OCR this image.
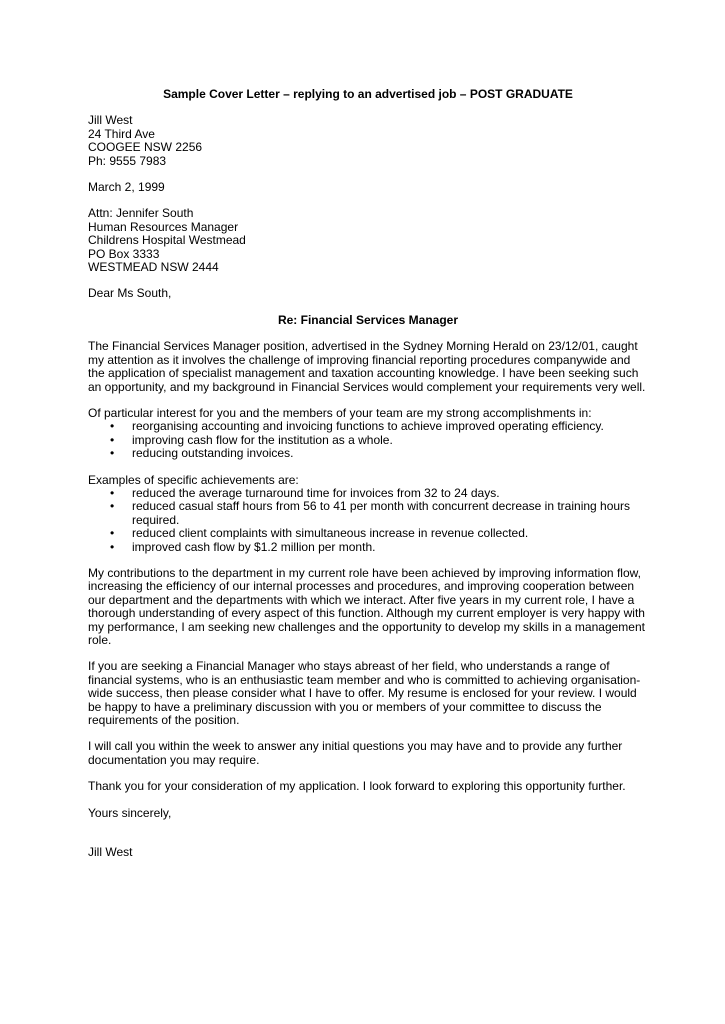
Sample Cover Letter – replying to an advertised job – POST GRADUATE
Jill West
24 Third Ave
COOGEE NSW 2256
Ph: 9555 7983
March 2, 1999
Attn: Jennifer South
Human Resources Manager
Childrens Hospital Westmead
PO Box 3333
WESTMEAD NSW 2444
Dear Ms South,
Re: Financial Services Manager

The Financial Services Manager position, advertised in the Sydney Morning Herald on 23/12/01, caught my attention as it involves the challenge of improving financial reporting procedures companywide and the application of specialist management and taxation accounting knowledge. I have been seeking such an opportunity, and my background in Financial Services would complement your requirements very well.

Of particular interest for you and the members of your team are my strong accomplishments in:
• reorganising accounting and invoicing functions to achieve improved operating efficiency.
• improving cash flow for the institution as a whole.
• reducing outstanding invoices.
Examples of specific achievements are:
• reduced the average turnaround time for invoices from 32 to 24 days.
• reduced casual staff hours from 56 to 41 per month with concurrent decrease in training hours required.
• reduced client complaints with simultaneous increase in revenue collected.
• improved cash flow by $1.2 million per month.

My contributions to the department in my current role have been achieved by improving information flow, increasing the efficiency of our internal processes and procedures, and improving cooperation between our department and the departments with which we interact. After five years in my current role, I have a thorough understanding of every aspect of this function. Although my current employer is very happy with my performance, I am seeking new challenges and the opportunity to develop my skills in a management role.

If you are seeking a Financial Manager who stays abreast of her field, who understands a range of financial systems, who is an enthusiastic team member and who is committed to achieving organisation-wide success, then please consider what I have to offer. My resume is enclosed for your review. I would be happy to have a preliminary discussion with you or members of your committee to discuss the requirements of the position.

I will call you within the week to answer any initial questions you may have and to provide any further documentation you may require.

Thank you for your consideration of my application. I look forward to exploring this opportunity further.

Yours sincerely,
Jill West
